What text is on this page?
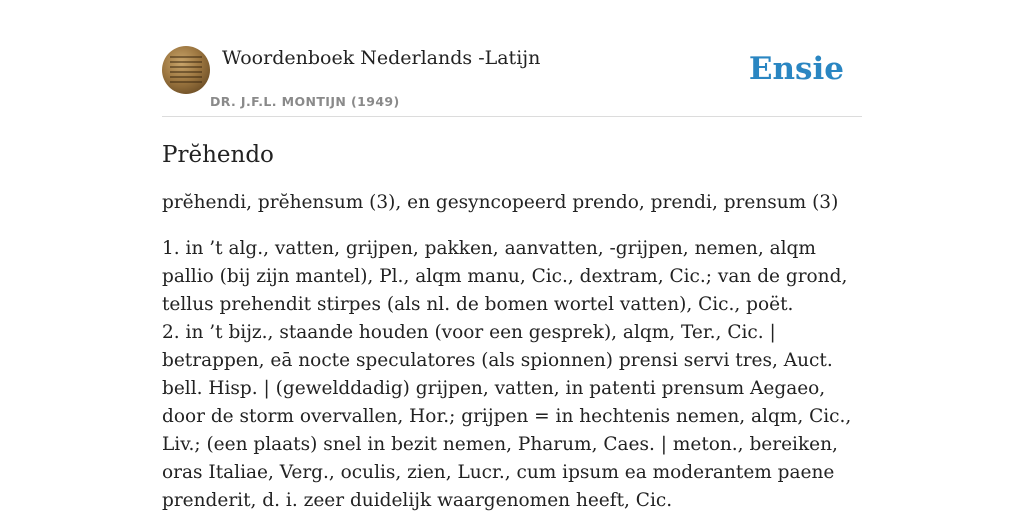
Woordenboek Nederlands -Latijn
DR. J.F.L. MONTIJN (1949)
Ensie
Prĕhendo
prĕhendi, prĕhensum (3), en gesyncopeerd prendo, prendi, prensum (3)

1. in ’t alg., vatten, grijpen, pakken, aanvatten, -grijpen, nemen, alqm pallio (bij zijn mantel), Pl., alqm manu, Cic., dextram, Cic.; van de grond, tellus prehendit stirpes (als nl. de bomen wortel vatten), Cic., poët.

2. in ’t bijz., staande houden (voor een gesprek), alqm, Ter., Cic. | betrappen, eā nocte speculatores (als spionnen) prensi servi tres, Auct. bell. Hisp. | (gewelddadig) grijpen, vatten, in patenti prensum Aegaeo, door de storm overvallen, Hor.; grijpen = in hechtenis nemen, alqm, Cic., Liv.; (een plaats) snel in bezit nemen, Pharum, Caes. | meton., bereiken, oras Italiae, Verg., oculis, zien, Lucr., cum ipsum ea moderantem paene prenderit, d. i. zeer duidelijk waargenomen heeft, Cic.
